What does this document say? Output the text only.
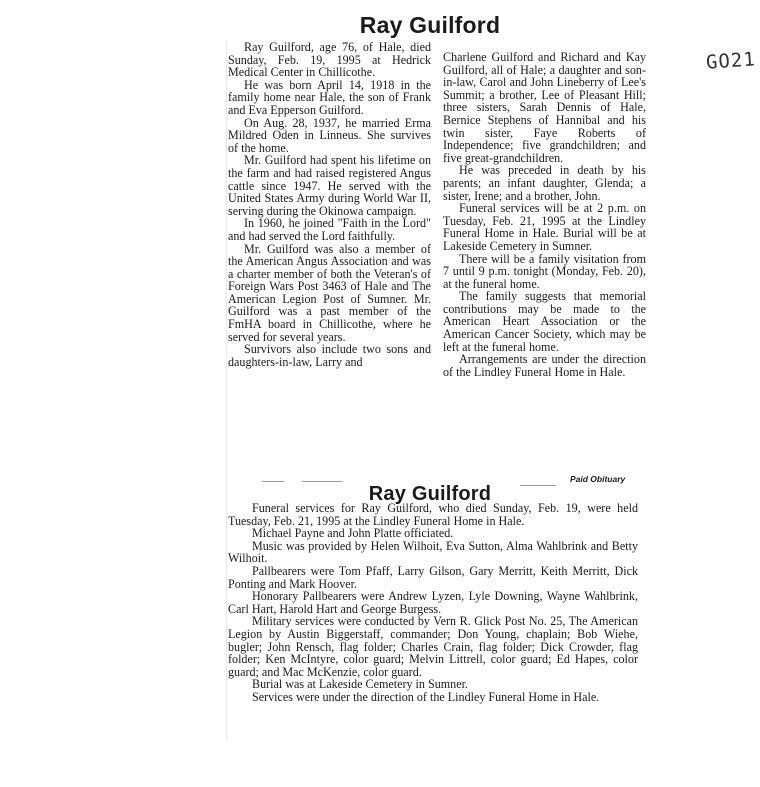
Ray Guilford
GO21

Ray Guilford, age 76, of Hale, died Sunday, Feb. 19, 1995 at Hedrick Medical Center in Chillicothe.

He was born April 14, 1918 in the family home near Hale, the son of Frank and Eva Epperson Guilford.

On Aug. 28, 1937, he married Erma Mildred Oden in Linneus. She survives of the home.

Mr. Guilford had spent his lifetime on the farm and had raised registered Angus cattle since 1947. He served with the United States Army during World War II, serving during the Okinowa campaign.

In 1960, he joined "Faith in the Lord" and had served the Lord faithfully.

Mr. Guilford was also a member of the American Angus Association and was a charter member of both the Veteran's of Foreign Wars Post 3463 of Hale and The American Legion Post of Sumner. Mr. Guilford was a past member of the FmHA board in Chillicothe, where he served for several years.

Survivors also include two sons and daughters-in-law, Larry and

Charlene Guilford and Richard and Kay Guilford, all of Hale; a daughter and son-in-law, Carol and John Lineberry of Lee's Summit; a brother, Lee of Pleasant Hill; three sisters, Sarah Dennis of Hale, Bernice Stephens of Hannibal and his twin sister, Faye Roberts of Independence; five grandchildren; and five great-grandchildren.

He was preceded in death by his parents; an infant daughter, Glenda; a sister, Irene; and a brother, John.

Funeral services will be at 2 p.m. on Tuesday, Feb. 21, 1995 at the Lindley Funeral Home in Hale. Burial will be at Lakeside Cemetery in Sumner.

There will be a family visitation from 7 until 9 p.m. tonight (Monday, Feb. 20), at the funeral home.

The family suggests that memorial contributions may be made to the American Heart Association or the American Cancer Society, which may be left at the funeral home.

Arrangements are under the direction of the Lindley Funeral Home in Hale.

Paid Obituary
Ray Guilford

Funeral services for Ray Guilford, who died Sunday, Feb. 19, were held Tuesday, Feb. 21, 1995 at the Lindley Funeral Home in Hale.

Michael Payne and John Platte officiated.

Music was provided by Helen Wilhoit, Eva Sutton, Alma Wahlbrink and Betty Wilhoit.

Pallbearers were Tom Pfaff, Larry Gilson, Gary Merritt, Keith Merritt, Dick Ponting and Mark Hoover.

Honorary Pallbearers were Andrew Lyzen, Lyle Downing, Wayne Wahlbrink, Carl Hart, Harold Hart and George Burgess.

Military services were conducted by Vern R. Glick Post No. 25, The American Legion by Austin Biggerstaff, commander; Don Young, chaplain; Bob Wiehe, bugler; John Rensch, flag folder; Charles Crain, flag folder; Dick Crowder, flag folder; Ken McIntyre, color guard; Melvin Littrell, color guard; Ed Hapes, color guard; and Mac McKenzie, color guard.

Burial was at Lakeside Cemetery in Sumner.

Services were under the direction of the Lindley Funeral Home in Hale.
